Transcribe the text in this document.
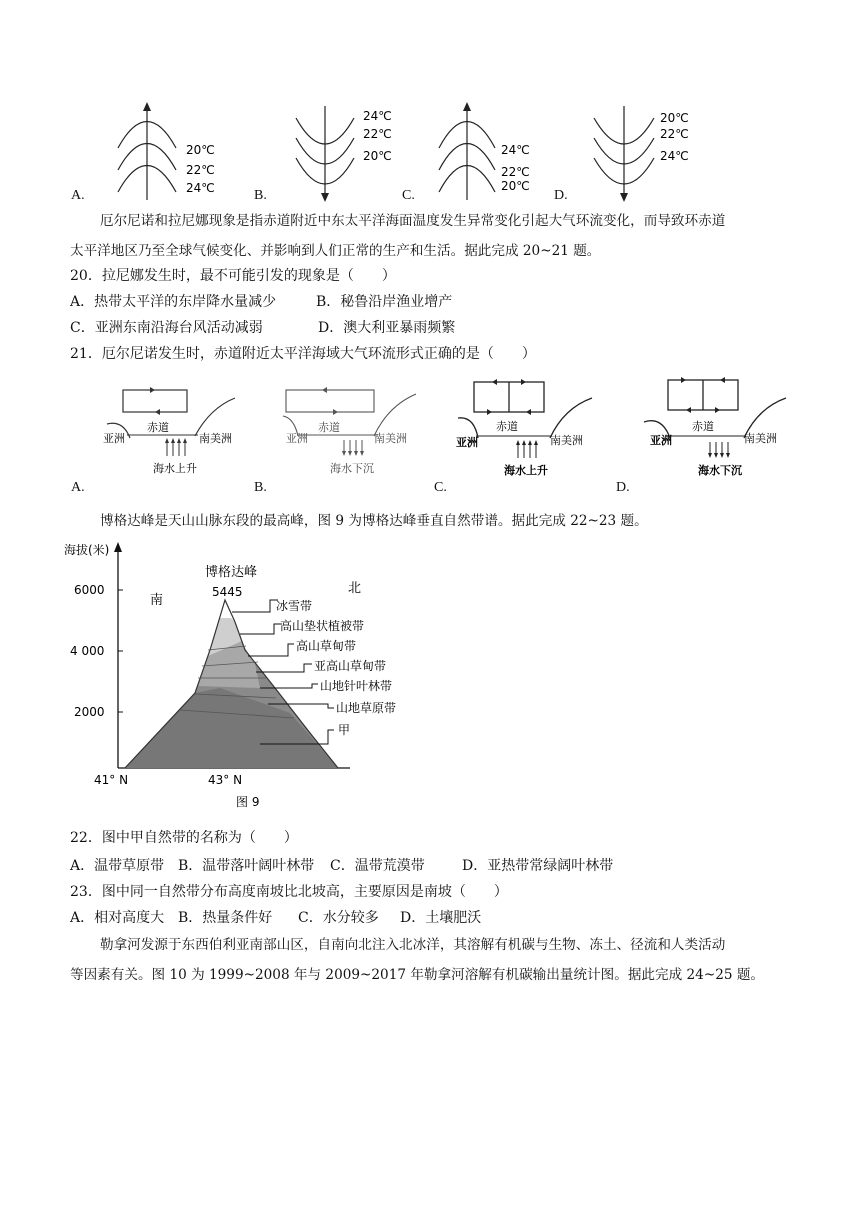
20℃
22℃
24℃
A.
24℃
22℃
20℃
B.
24℃
22℃
20℃
C.
20℃
22℃
24℃
D.
厄尔尼诺和拉尼娜现象是指赤道附近中东太平洋海面温度发生异常变化引起大气环流变化，而导致环赤道
太平洋地区乃至全球气候变化、并影响到人们正常的生产和生活。据此完成 20~21 题。
20．拉尼娜发生时，最不可能引发的现象是（　　）
A．热带太平洋的东岸降水量减少	B．秘鲁沿岸渔业增产
C．亚洲东南沿海台风活动减弱	D．澳大利亚暴雨频繁
21．厄尔尼诺发生时，赤道附近太平洋海域大气环流形式正确的是（　　）
赤道
亚洲	南美洲
海水上升
A.
赤道
亚洲	南美洲
海水下沉
B.
赤道
亚洲	南美洲
海水上升
C.
赤道
亚洲	南美洲
海水下沉
D.
博格达峰是天山山脉东段的最高峰，图 9 为博格达峰垂直自然带谱。据此完成 22~23 题。
海拔(米)
6000
4 000
2000
博格达峰
5445
南
北
冰雪带
高山垫状植被带
高山草甸带
亚高山草甸带
山地针叶林带
山地草原带
甲
41° N	43° N
图 9
22．图中甲自然带的名称为（　　）
A．温带草原带 B．温带落叶阔叶林带 C．温带荒漠带	D．亚热带常绿阔叶林带
23．图中同一自然带分布高度南坡比北坡高，主要原因是南坡（　　）
A．相对高度大 B．热量条件好 C．水分较多 D．土壤肥沃
勒拿河发源于东西伯利亚南部山区，自南向北注入北冰洋，其溶解有机碳与生物、冻土、径流和人类活动
等因素有关。图 10 为 1999~2008 年与 2009~2017 年勒拿河溶解有机碳输出量统计图。据此完成 24~25 题。
